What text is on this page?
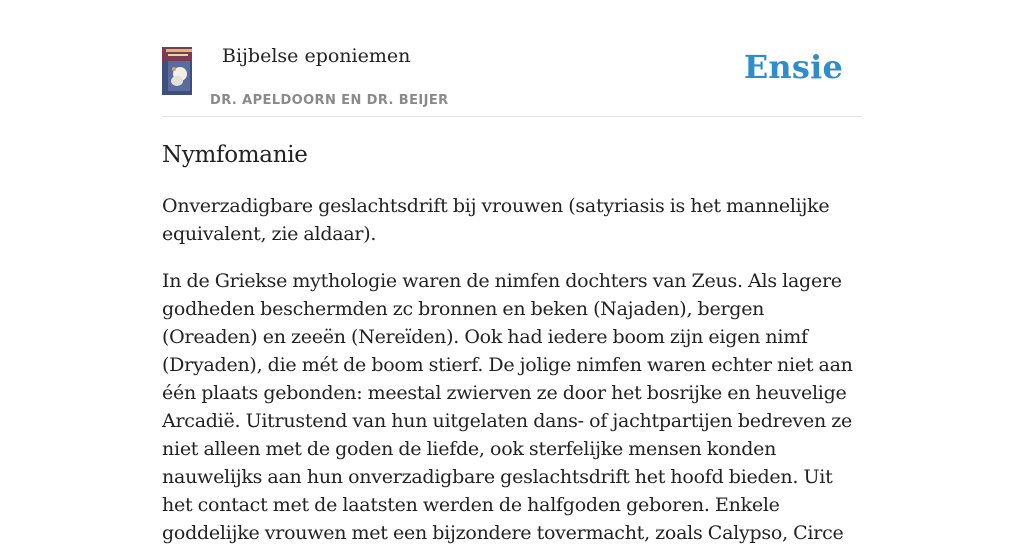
Bijbelse eponiemen
DR. APELDOORN EN DR. BEIJER
Ensie
Nymfomanie

Onverzadigbare geslachtsdrift bij vrouwen (satyriasis is het mannelijke equivalent, zie aldaar).

In de Griekse mythologie waren de nimfen dochters van Zeus. Als lagere godheden beschermden zc bronnen en beken (Najaden), bergen (Oreaden) en zeeën (Nereïden). Ook had iedere boom zijn eigen nimf (Dryaden), die mét de boom stierf. De jolige nimfen waren echter niet aan één plaats gebonden: meestal zwierven ze door het bosrijke en heuvelige Arcadië. Uitrustend van hun uitgelaten dans- of jachtpartijen bedreven ze niet alleen met de goden de liefde, ook sterfelijke mensen konden nauwelijks aan hun onverzadigbare geslachtsdrift het hoofd bieden. Uit het contact met de laatsten werden de halfgoden geboren. Enkele goddelijke vrouwen met een bijzondere tovermacht, zoals Calypso, Circe
